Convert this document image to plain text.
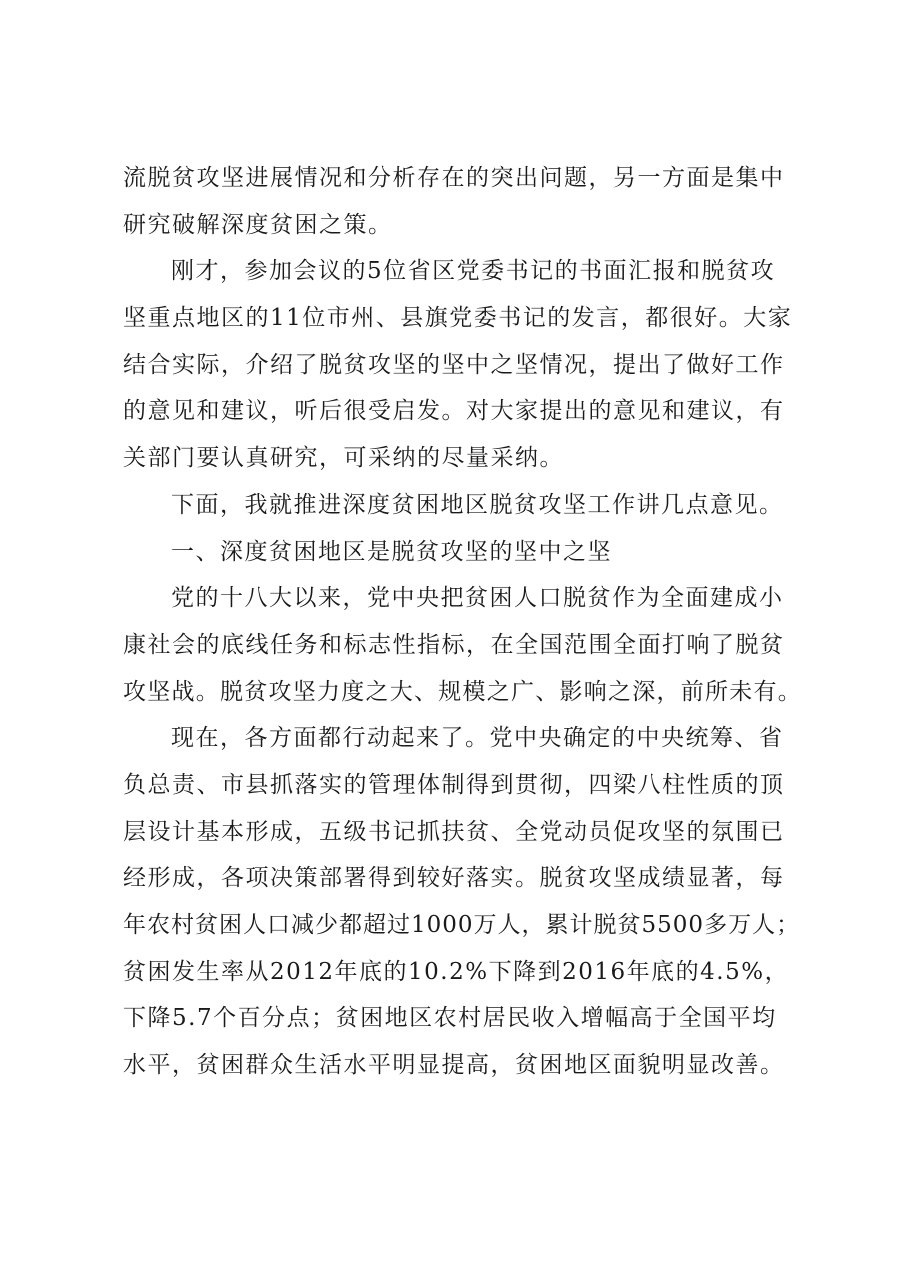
流脱贫攻坚进展情况和分析存在的突出问题，另一方面是集中
研究破解深度贫困之策。
刚才，参加会议的5位省区党委书记的书面汇报和脱贫攻
坚重点地区的11位市州、县旗党委书记的发言，都很好。大家
结合实际，介绍了脱贫攻坚的坚中之坚情况，提出了做好工作
的意见和建议，听后很受启发。对大家提出的意见和建议，有
关部门要认真研究，可采纳的尽量采纳。
下面，我就推进深度贫困地区脱贫攻坚工作讲几点意见。
一、深度贫困地区是脱贫攻坚的坚中之坚
党的十八大以来，党中央把贫困人口脱贫作为全面建成小
康社会的底线任务和标志性指标，在全国范围全面打响了脱贫
攻坚战。脱贫攻坚力度之大、规模之广、影响之深，前所未有。
现在，各方面都行动起来了。党中央确定的中央统筹、省
负总责、市县抓落实的管理体制得到贯彻，四梁八柱性质的顶
层设计基本形成，五级书记抓扶贫、全党动员促攻坚的氛围已
经形成，各项决策部署得到较好落实。脱贫攻坚成绩显著，每
年农村贫困人口减少都超过1000万人，累计脱贫5500多万人；
贫困发生率从2012年底的10.2%下降到2016年底的4.5%，
下降5.7个百分点；贫困地区农村居民收入增幅高于全国平均
水平，贫困群众生活水平明显提高，贫困地区面貌明显改善。
